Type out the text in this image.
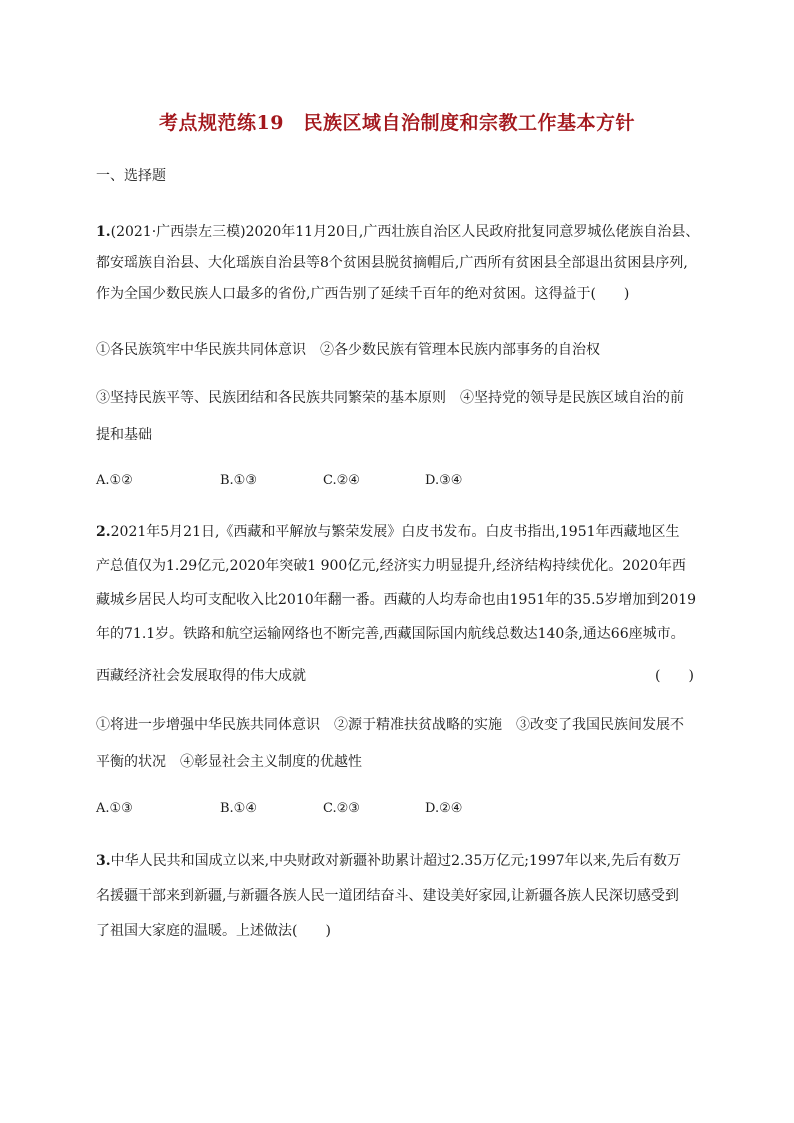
考点规范练19　民族区域自治制度和宗教工作基本方针
一、选择题
1.(2021·广西崇左三模)2020年11月20日,广西壮族自治区人民政府批复同意罗城仫佬族自治县、
都安瑶族自治县、大化瑶族自治县等8个贫困县脱贫摘帽后,广西所有贫困县全部退出贫困县序列,
作为全国少数民族人口最多的省份,广西告别了延续千百年的绝对贫困。这得益于(　　)
①各民族筑牢中华民族共同体意识　②各少数民族有管理本民族内部事务的自治权
③坚持民族平等、民族团结和各民族共同繁荣的基本原则　④坚持党的领导是民族区域自治的前
提和基础
A.①②	B.①③	C.②④	D.③④
2.2021年5月21日,《西藏和平解放与繁荣发展》白皮书发布。白皮书指出,1951年西藏地区生
产总值仅为1.29亿元,2020年突破1 900亿元,经济实力明显提升,经济结构持续优化。2020年西
藏城乡居民人均可支配收入比2010年翻一番。西藏的人均寿命也由1951年的35.5岁增加到2019
年的71.1岁。铁路和航空运输网络也不断完善,西藏国际国内航线总数达140条,通达66座城市。
西藏经济社会发展取得的伟大成就	(　　)
①将进一步增强中华民族共同体意识　②源于精准扶贫战略的实施　③改变了我国民族间发展不
平衡的状况　④彰显社会主义制度的优越性
A.①③	B.①④	C.②③	D.②④
3.中华人民共和国成立以来,中央财政对新疆补助累计超过2.35万亿元;1997年以来,先后有数万
名援疆干部来到新疆,与新疆各族人民一道团结奋斗、建设美好家园,让新疆各族人民深切感受到
了祖国大家庭的温暖。上述做法(　　)
